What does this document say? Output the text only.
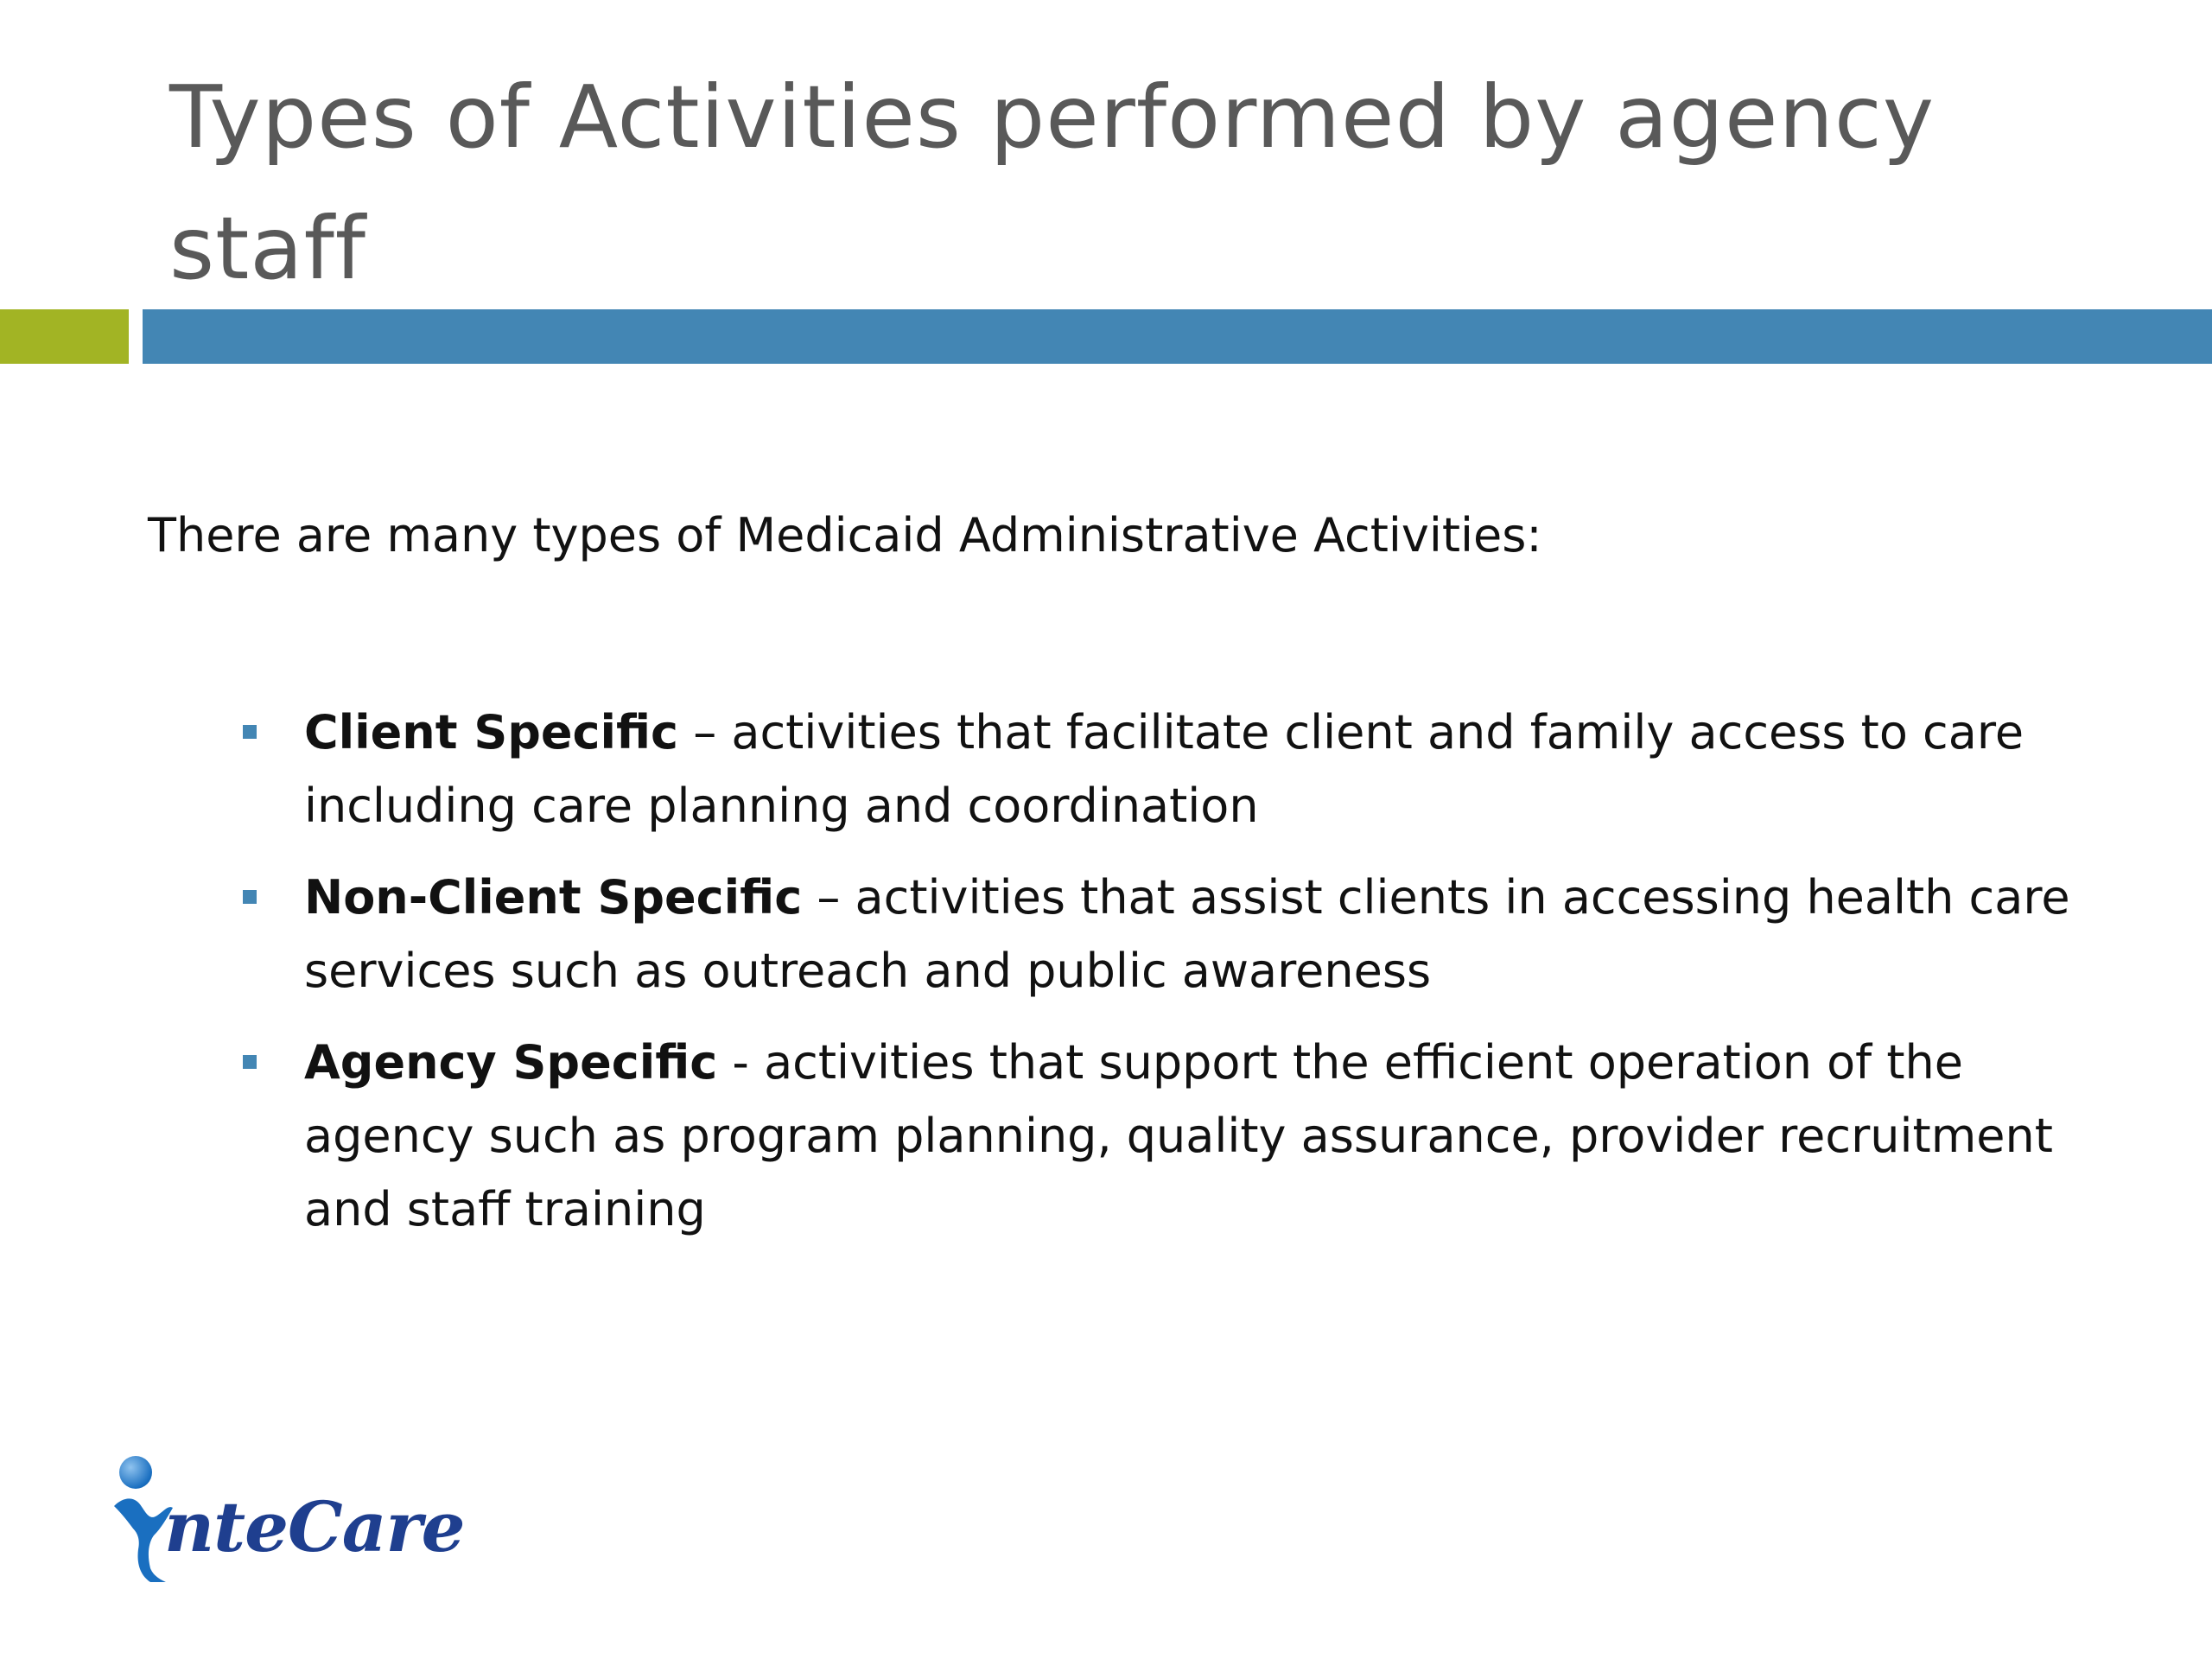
Types of Activities performed by agency staff

There are many types of Medicaid Administrative Activities:

Client Specific – activities that facilitate client and family access to care including care planning and coordination
Non-Client Specific – activities that assist clients in accessing health care services such as outreach and public awareness
Agency Specific - activities that support the efficient operation of the agency such as program planning, quality assurance, provider recruitment and staff training
nteCare
